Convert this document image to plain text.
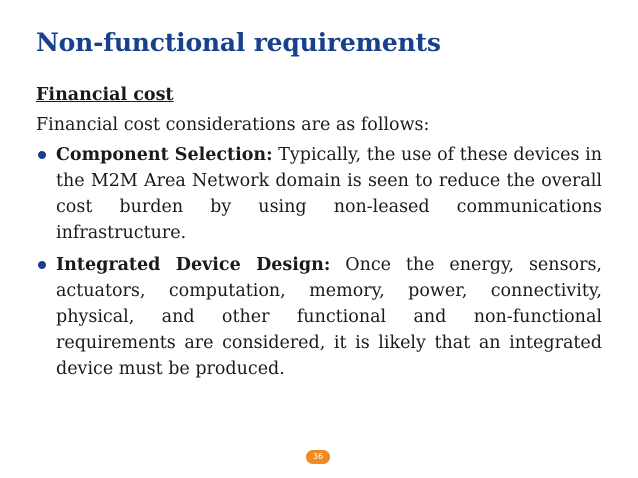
Non-functional requirements

Financial cost

Financial cost considerations are as follows:

Component Selection: Typically, the use of these devices in the M2M Area Network domain is seen to reduce the overall cost burden by using non-leased communications infrastructure.
Integrated Device Design: Once the energy, sensors, actuators, computation, memory, power, connectivity, physical, and other functional and non-functional requirements are considered, it is likely that an integrated device must be produced.
36
